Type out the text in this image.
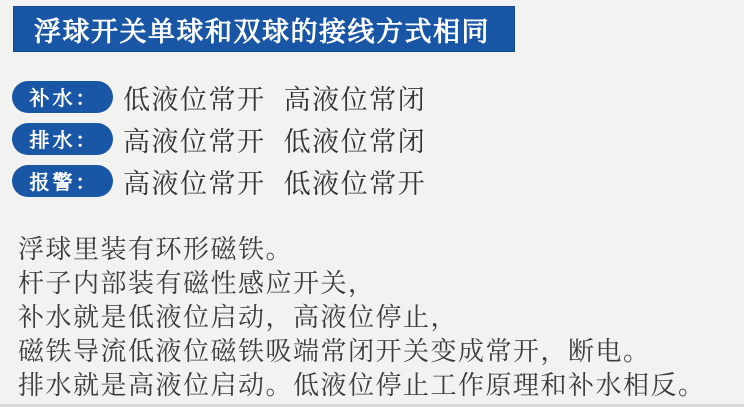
浮球开关单球和双球的接线方式相同
补水： 低液位常开 高液位常闭
排水： 高液位常开 低液位常闭
报警： 高液位常开 低液位常开

浮球里装有环形磁铁。

杆子内部装有磁性感应开关，

补水就是低液位启动，高液位停止，

磁铁导流低液位磁铁吸端常闭开关变成常开，断电。

排水就是高液位启动。低液位停止工作原理和补水相反。
